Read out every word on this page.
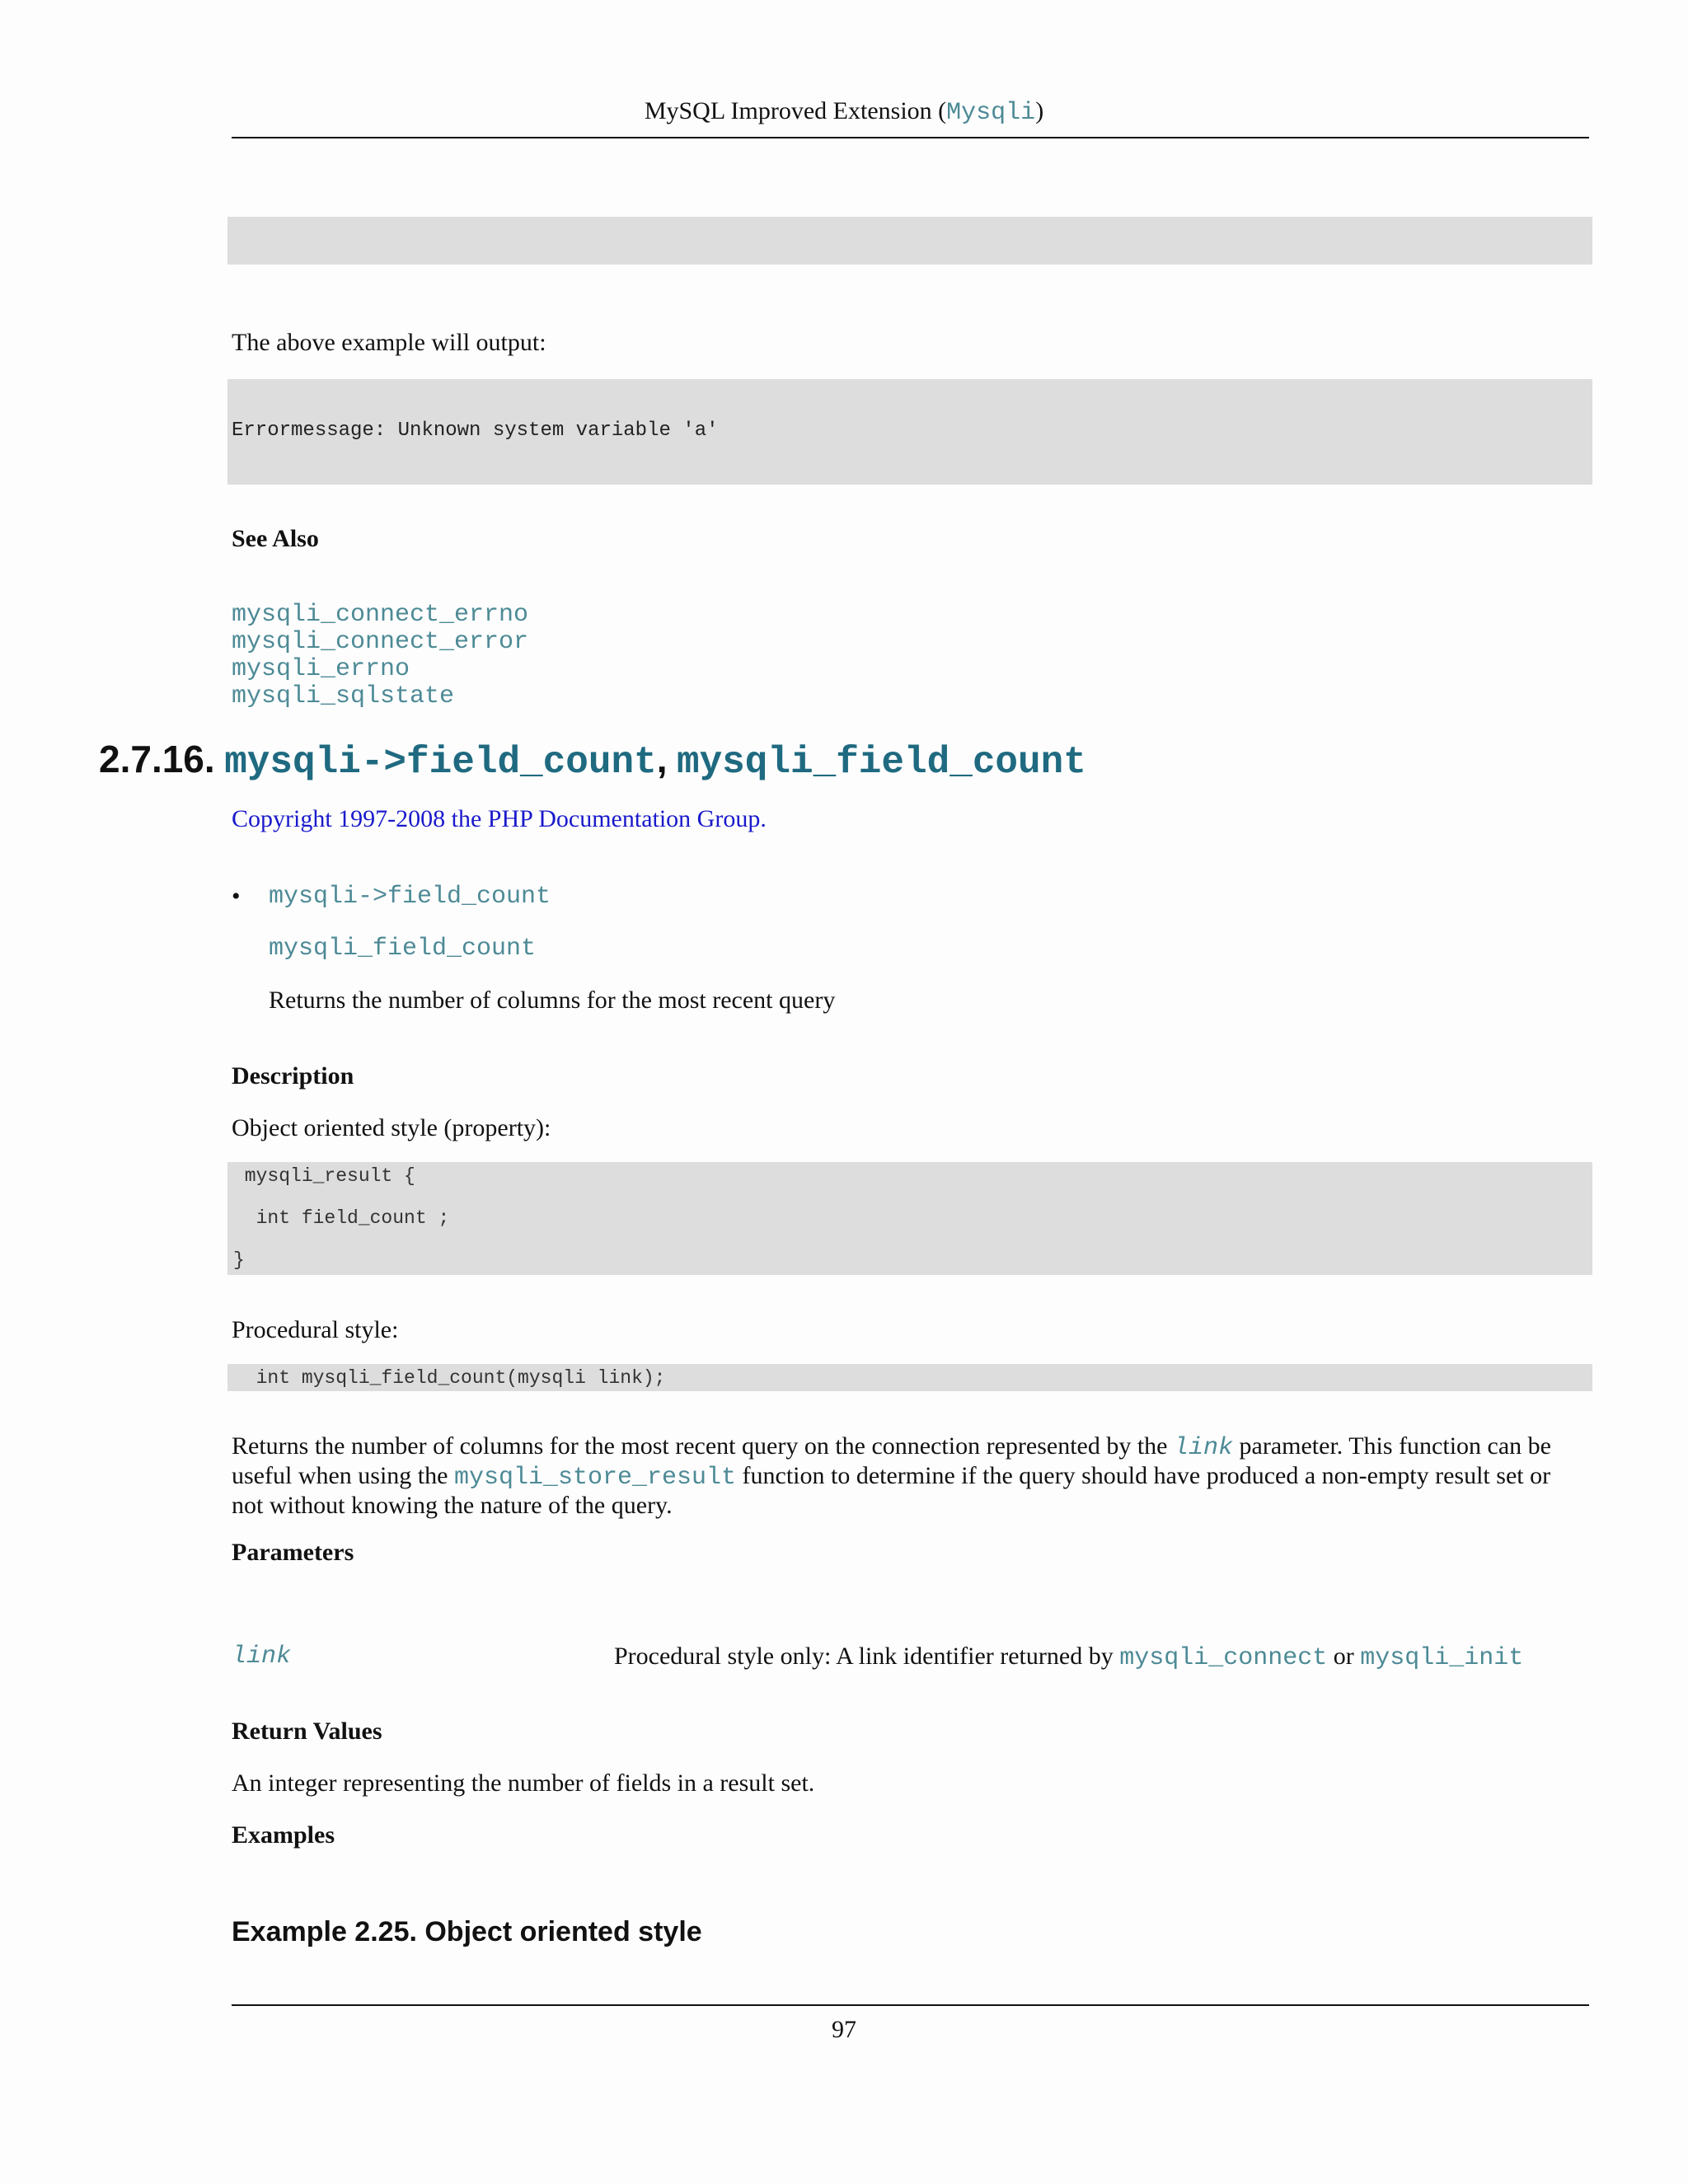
MySQL Improved Extension (Mysqli)
The above example will output:
Errormessage: Unknown system variable 'a'
See Also
mysqli_connect_errno
mysqli_connect_error
mysqli_errno
mysqli_sqlstate
2.7.16. mysqli->field_count, mysqli_field_count
Copyright 1997-2008 the PHP Documentation Group.
• mysqli->field_count
mysqli_field_count
Returns the number of columns for the most recent query
Description
Object oriented style (property):
mysqli_result {
int field_count ;
}
Procedural style:
int mysqli_field_count(mysqli link);
Returns the number of columns for the most recent query on the connection represented by the link parameter. This function can be useful when using the mysqli_store_result function to determine if the query should have produced a non-empty result set or not without knowing the nature of the query.
Parameters
link	Procedural style only: A link identifier returned by mysqli_connect or mysqli_init
Return Values
An integer representing the number of fields in a result set.
Examples
Example 2.25. Object oriented style
97
